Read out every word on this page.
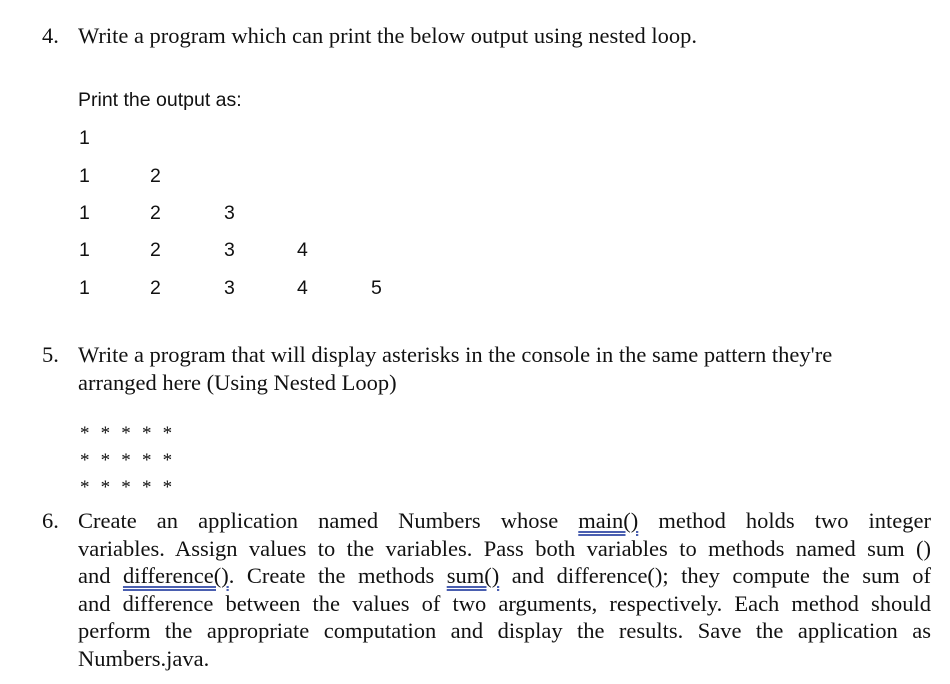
4. Write a program which can print the below output using nested loop.
Print the output as:
1
1	2
1	2	3
1	2	3	4
1	2	3	4	5
5. Write a program that will display asterisks in the console in the same pattern they're arranged here (Using Nested Loop)
* * * * *
* * * * *
* * * * *
6. Create an application named Numbers whose main() method holds two integer
variables. Assign values to the variables. Pass both variables to methods named sum ()
and difference(). Create the methods sum() and difference(); they compute the sum of
and difference between the values of two arguments, respectively. Each method should
perform the appropriate computation and display the results. Save the application as
Numbers.java.
